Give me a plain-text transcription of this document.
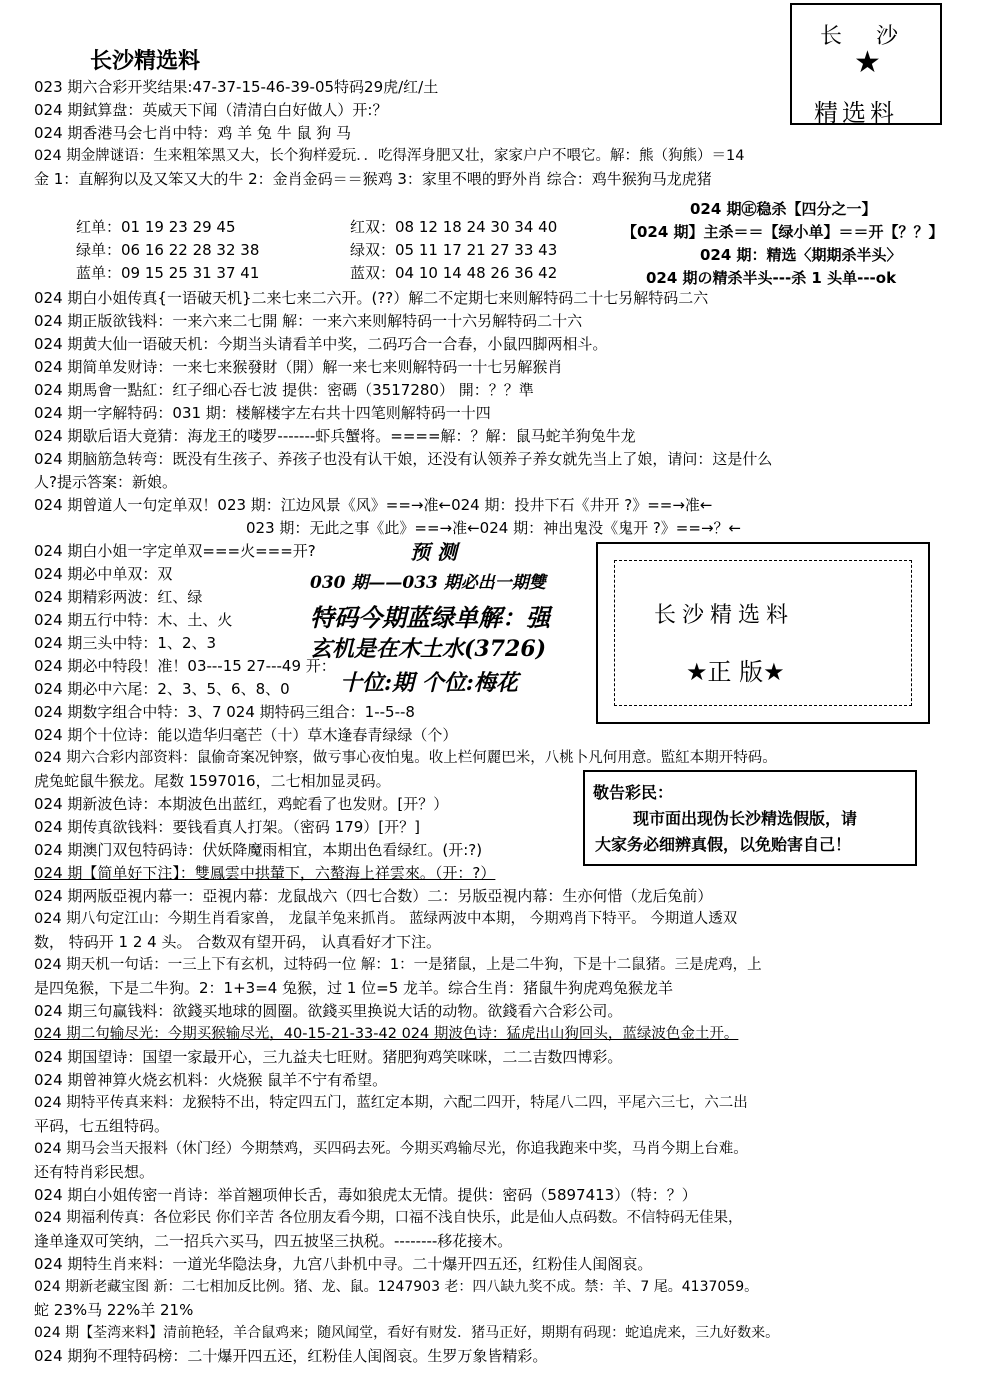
长沙精选料
长沙
★
精选料
023 期六合彩开奖结果:47-37-15-46-39-05特码29虎/红/土
024 期鉽算盘：英威天下闻（清清白白好做人）开:？
024 期香港马会七肖中特：鸡 羊 兔 牛 鼠 狗 马
024 期金牌谜语：生来粗笨黑又大，长个狗样爱玩．．吃得浑身肥又壮，家家户户不喂它。解：熊（狗熊）＝14
金 1：直解狗以及又笨又大的牛 2：金肖金码＝＝猴鸡 3：家里不喂的野外肖 综合：鸡牛猴狗马龙虎猪
红单：01 19 23 29 45	红双：08 12 18 24 30 34 40
绿单：06 16 22 28 32 38	绿双：05 11 17 21 27 33 43
蓝单：09 15 25 31 37 41	蓝双：04 10 14 48 26 36 42
024 期㊣稳杀【四分之一】
【024 期】主杀＝＝【绿小单】＝＝开【？？】
024 期：精选〈期期杀半头〉
024 期の精杀半头---杀 1 头单---ok
024 期白小姐传真{一语破天机}二来七来二六开。(??）解二不定期七来则解特码二十七另解特码二六
024 期正版欲钱料：一来六来二七開 解：一来六来则解特码一十六另解特码二十六
024 期黄大仙一语破天机：今期当头请看羊中奖，二码巧合一合春，小鼠四脚两相斗。
024 期简单发财诗：一来七来猴發財（開）解一来七来则解特码一十七另解猴肖
024 期馬會一點紅：红子细心吞七波 提供：密碼（3517280） 開：？？準
024 期一字解特码：031 期：楼解楼字左右共十四笔则解特码一十四
024 期歇后语大竟猜：海龙王的喽罗-------虾兵蟹将。====解：？解：鼠马蛇羊狗兔牛龙
024 期脑筋急转弯：既没有生孩子、养孩子也没有认干娘，还没有认领养子养女就先当上了娘，请问：这是什么
人?提示答案：新娘。
024 期曾道人一句定单双！023 期：江边风景《风》==→准←024 期：投井下石《井开 ?》==→准←
023 期：无此之事《此》==→准←024 期：神出鬼没《鬼开 ?》==→？←
024 期白小姐一字定单双===火===开?
024 期必中单双：双
024 期精彩两波：红、绿
024 期五行中特：木、土、火
024 期三头中特：1、2、3
024 期必中特段！准！03---15 27---49 开：
024 期必中六尾：2、3、5、6、8、0
024 期数字组合中特：3、7 024 期特码三组合：1--5--8
024 期个十位诗：能以造华归毫芒（十）草木逢春青绿绿（个）
预 测
030 期——033 期必出一期雙
特码今期蓝绿单解：强
玄机是在木土水(3726)
十位:期 个位:梅花
长沙精选料
★正 版★
024 期六合彩内部资料：鼠偷奇案况钟察，做亏事心夜怕鬼。收上栏何麗巴米，八桃卜凡何用意。監紅本期开特码。
虎兔蛇鼠牛猴龙。尾数 1597016，二七相加显灵码。
024 期新波色诗：本期波色出蓝红，鸡蛇看了也发财。[开？）
024 期传真欲钱料：要钱看真人打架。（密码 179）[开？]
024 期澳门双包特码诗：伏妖降魔雨相宜，本期出色看绿红。(开:?)
024 期【简单好下注】：雙鳳雲中拱輦下，六螯海上祥雲來。（开：?）
敬告彩民：
现市面出现伪长沙精选假版，请
大家务必细辨真假，以免贻害自己！
024 期两版亞視内幕一：亞視内幕：龙鼠战六（四七合数）二：另版亞視内幕：生亦何惜（龙后兔前）
024 期八句定江山：今期生肖看家兽， 龙鼠羊兔来抓肖。 蓝绿两波中本期， 今期鸡肖下特平。 今期道人透双
数， 特码开 1 2 4 头。 合数双有望开码， 认真看好才下注。
024 期天机一句话：一三上下有玄机，过特码一位 解：1：一是猪鼠，上是二牛狗，下是十二鼠猪。三是虎鸡，上
是四兔猴，下是二牛狗。2：1+3=4 兔猴，过 1 位=5 龙羊。综合生肖：猪鼠牛狗虎鸡兔猴龙羊
024 期三句赢钱料：欲錢买地球的圆圈。欲錢买里换说大话的动物。欲錢看六合彩公司。
024 期二句输尽光：今期买猴输尽光，40-15-21-33-42 024 期波色诗：猛虎出山狗回头，蓝绿波色金土开。
024 期国望诗：国望一家最开心，三九益夫七旺财。猪肥狗鸡笑咪咪，二二吉数四博彩。
024 期曾神算火烧玄机料：火烧猴 鼠羊不宁有希望。
024 期特平传真来料：龙猴特不出，特定四五门，蓝红定本期，六配二四开，特尾八二四，平尾六三七，六二出
平码，七五组特码。
024 期马会当天报料（休门经）今期禁鸡，买四码去死。今期买鸡输尽光，你追我跑来中奖，马肖今期上台难。
还有特肖彩民想。
024 期白小姐传密一肖诗：举首翘项伸长舌，毒如狼虎太无情。提供：密码（5897413）（特：？）
024 期福利传真：各位彩民 你们辛苦 各位朋友看今期，口福不浅自快乐，此是仙人点码数。不信特码无佳果，
逢单逢双可笑纳，二一招兵六买马，四五披坚三执税。--------移花接木。
024 期特生肖来料：一道光华隐法身，九宫八卦机中寻。二十爆开四五还，红粉佳人闺阁哀。
024 期新老藏宝图 新：二七相加反比例。猪、龙、鼠。1247903 老：四八缺九奖不成。禁：羊、7 尾。4137059。
蛇 23%马 22%羊 21%
024 期【荃湾来料】清前艳轻，羊合鼠鸡来；随风闻堂，看好有财发．猪马正好，期期有码现：蛇追虎来，三九好数来。
024 期狗不理特码榜：二十爆开四五还，红粉佳人闺阁哀。生罗万象皆精彩。
